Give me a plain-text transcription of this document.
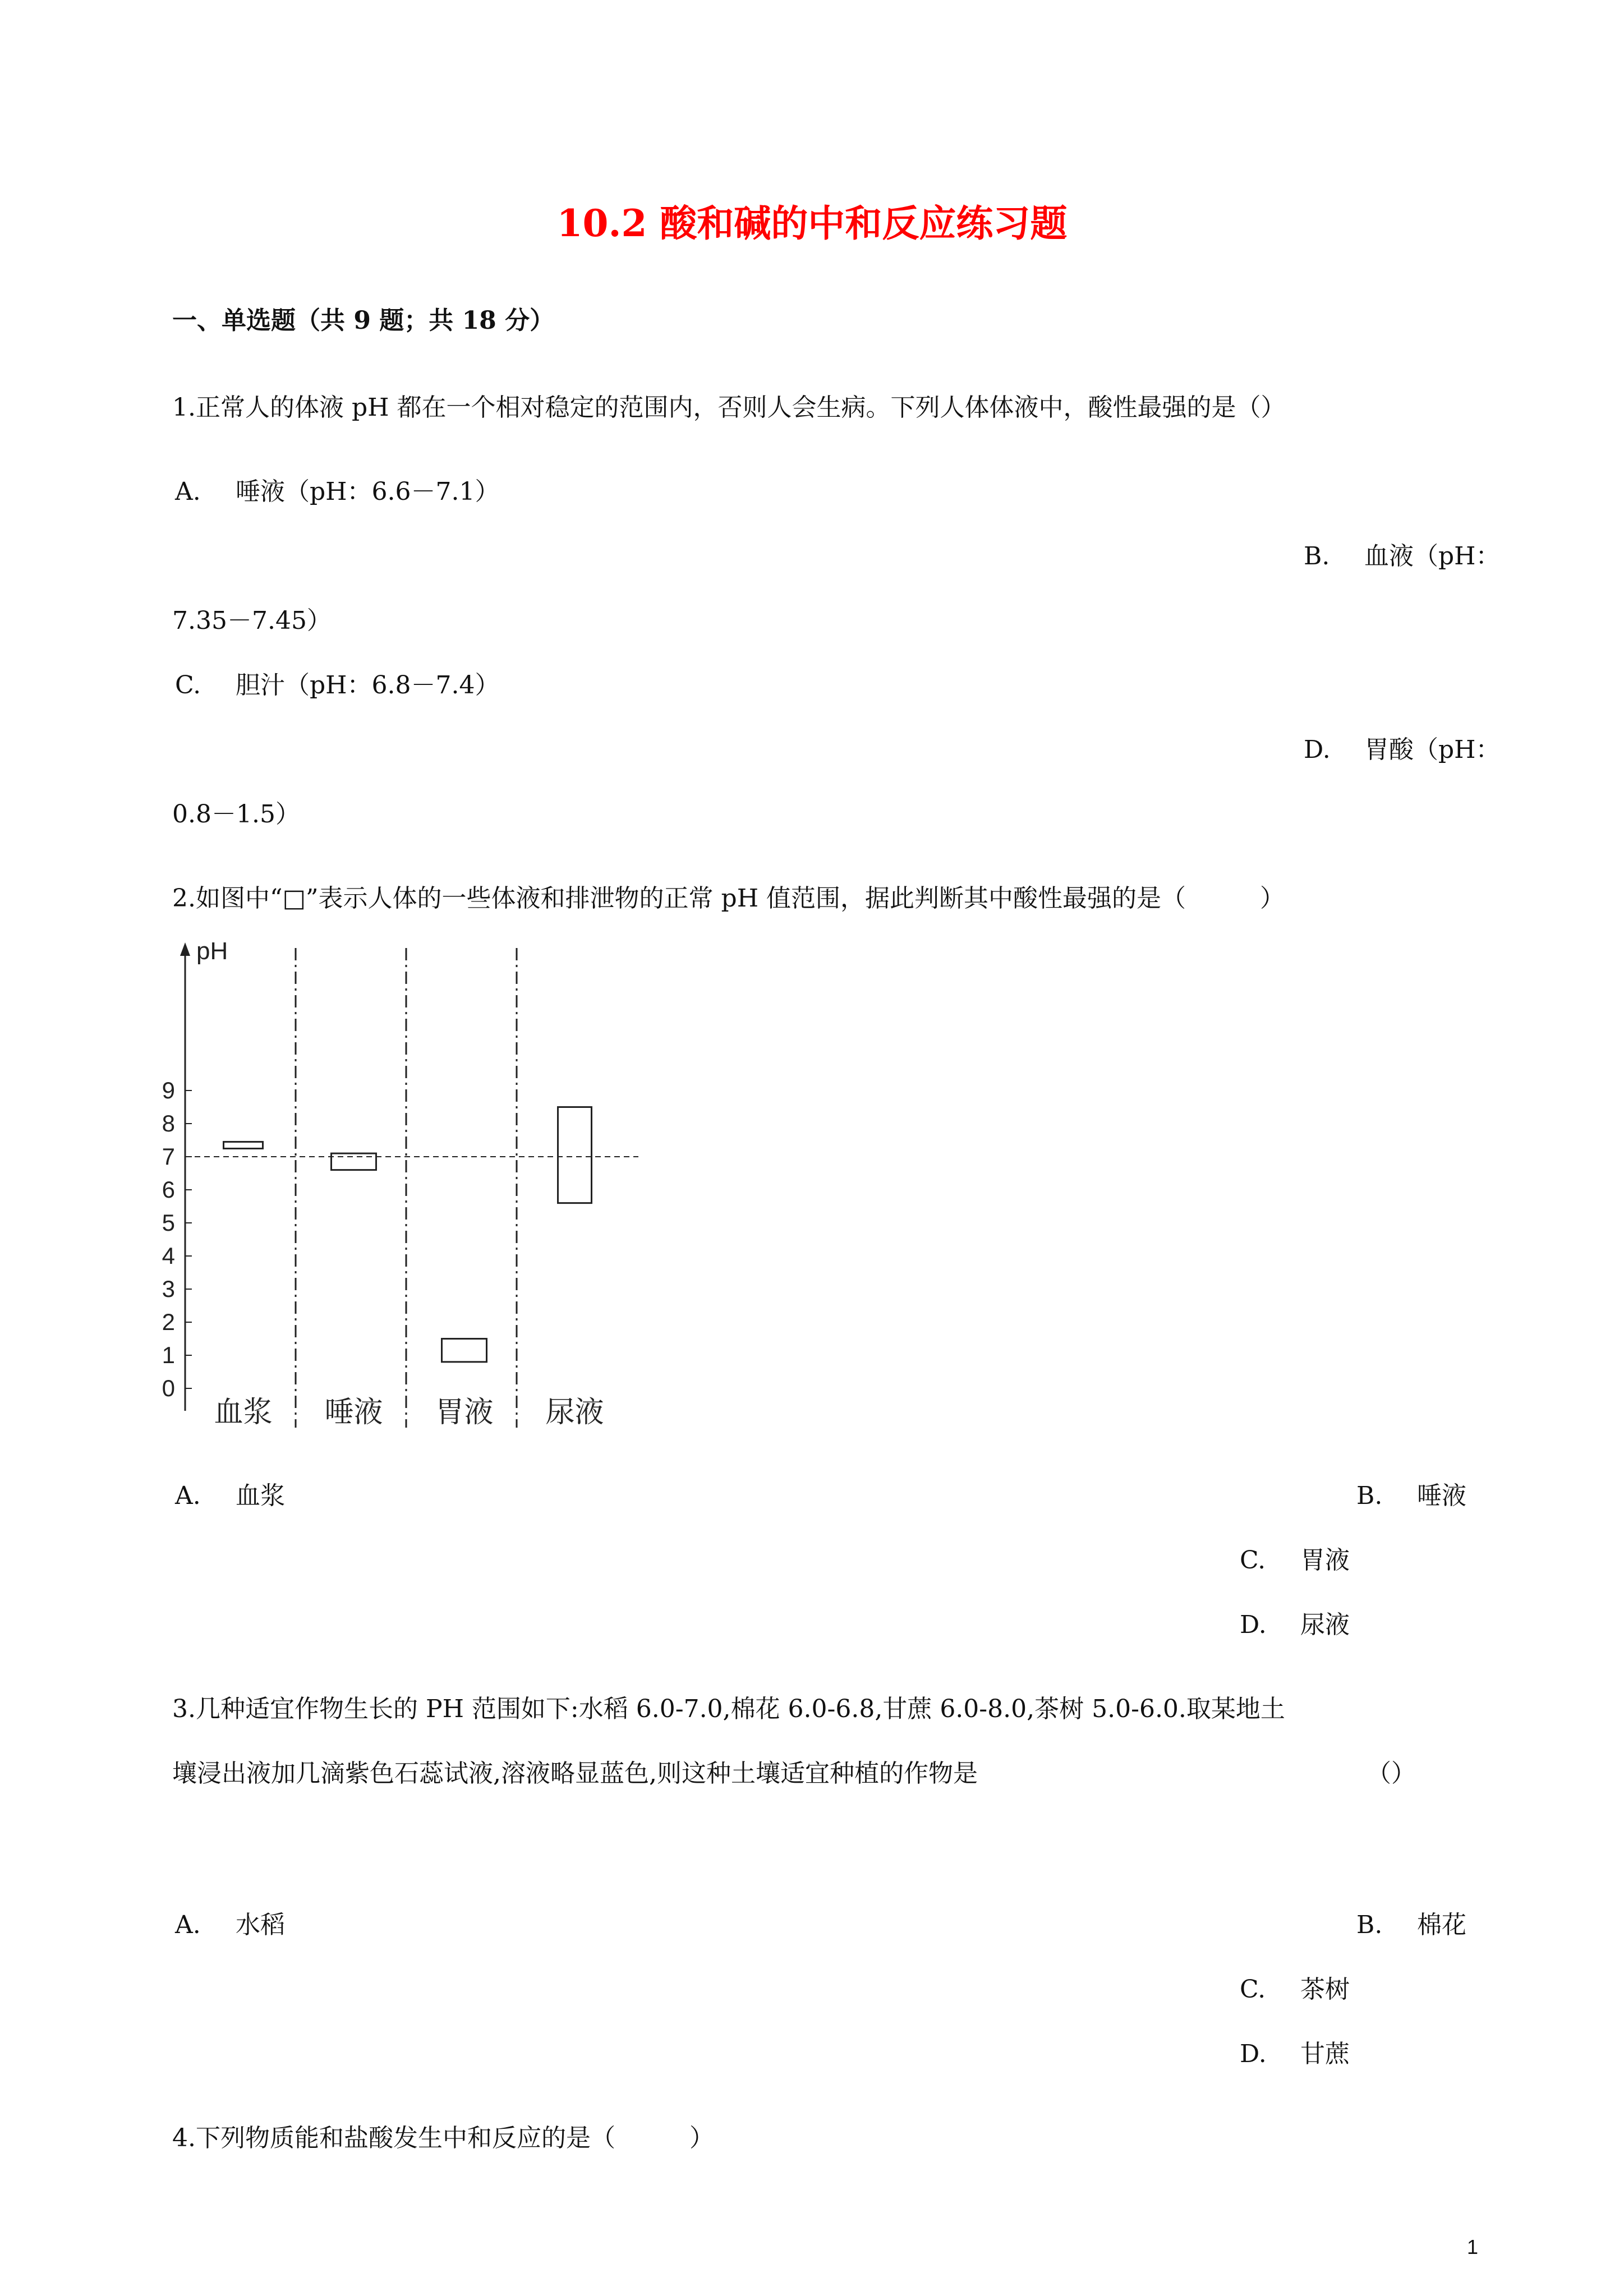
10.2 酸和碱的中和反应练习题
一、单选题（共 9 题；共 18 分）
1.正常人的体液 pH 都在一个相对稳定的范围内，否则人会生病。下列人体体液中，酸性最强的是（）
A. 唾液（pH：6.6－7.1）
B. 血液（pH：
7.35－7.45）
C. 胆汁（pH：6.8－7.4）
D. 胃酸（pH：
0.8－1.5）
2.如图中“□”表示人体的一些体液和排泄物的正常 pH 值范围，据此判断其中酸性最强的是（　　　）
pH
0
1
2
3
4
5
6
7
8
9
血浆 唾液 胃液 尿液
A. 血浆	B. 唾液
C. 胃液
D. 尿液
3.几种适宜作物生长的 PH 范围如下:水稻 6.0-7.0,棉花 6.0-6.8,甘蔗 6.0-8.0,茶树 5.0-6.0.取某地土
壤浸出液加几滴紫色石蕊试液,溶液略显蓝色,则这种土壤适宜种植的作物是	（）
A. 水稻	B. 棉花
C. 茶树
D. 甘蔗
4.下列物质能和盐酸发生中和反应的是（　　　）
1
